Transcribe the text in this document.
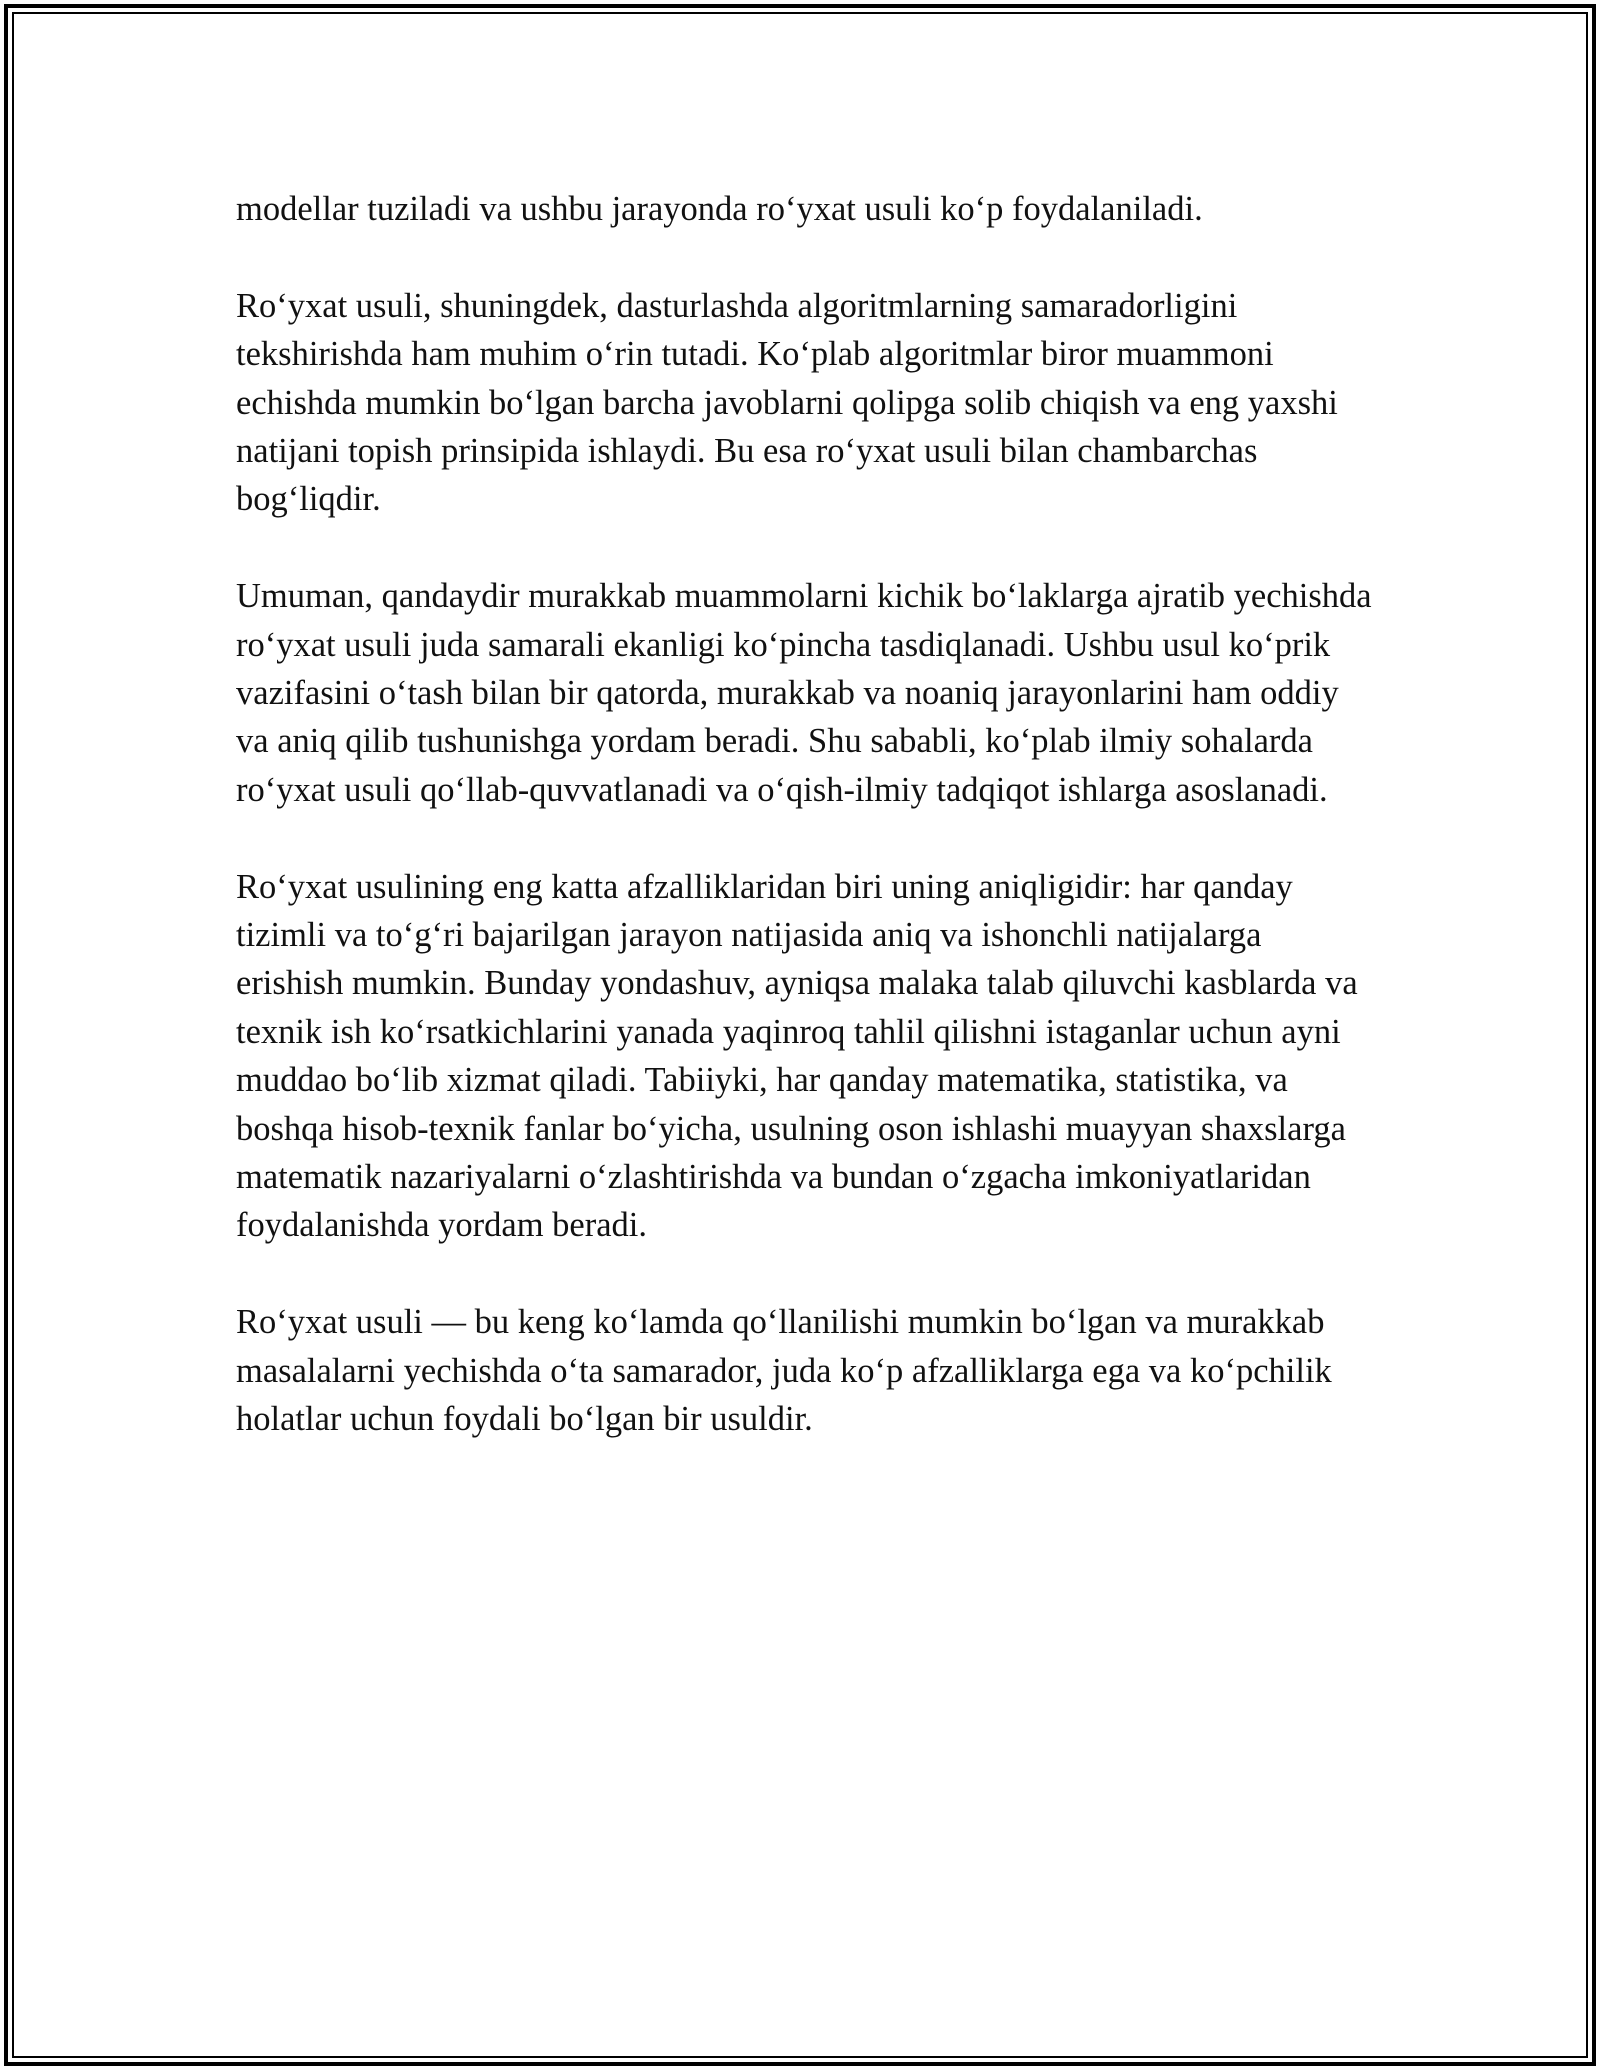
modellar tuziladi va ushbu jarayonda ro‘yxat usuli ko‘p foydalaniladi.

Ro‘yxat usuli, shuningdek, dasturlashda algoritmlarning samaradorligini tekshirishda ham muhim o‘rin tutadi. Ko‘plab algoritmlar biror muammoni echishda mumkin bo‘lgan barcha javoblarni qolipga solib chiqish va eng yaxshi natijani topish prinsipida ishlaydi. Bu esa ro‘yxat usuli bilan chambarchas bog‘liqdir.

Umuman, qandaydir murakkab muammolarni kichik bo‘laklarga ajratib yechishda ro‘yxat usuli juda samarali ekanligi ko‘pincha tasdiqlanadi. Ushbu usul ko‘prik vazifasini o‘tash bilan bir qatorda, murakkab va noaniq jarayonlarini ham oddiy va aniq qilib tushunishga yordam beradi. Shu sababli, ko‘plab ilmiy sohalarda ro‘yxat usuli qo‘llab-quvvatlanadi va o‘qish-ilmiy tadqiqot ishlarga asoslanadi.

Ro‘yxat usulining eng katta afzalliklaridan biri uning aniqligidir: har qanday tizimli va to‘g‘ri bajarilgan jarayon natijasida aniq va ishonchli natijalarga erishish mumkin. Bunday yondashuv, ayniqsa malaka talab qiluvchi kasblarda va texnik ish ko‘rsatkichlarini yanada yaqinroq tahlil qilishni istaganlar uchun ayni muddao bo‘lib xizmat qiladi. Tabiiyki, har qanday matematika, statistika, va boshqa hisob-texnik fanlar bo‘yicha, usulning oson ishlashi muayyan shaxslarga matematik nazariyalarni o‘zlashtirishda va bundan o‘zgacha imkoniyatlaridan foydalanishda yordam beradi.

Ro‘yxat usuli — bu keng ko‘lamda qo‘llanilishi mumkin bo‘lgan va murakkab masalalarni yechishda o‘ta samarador, juda ko‘p afzalliklarga ega va ko‘pchilik holatlar uchun foydali bo‘lgan bir usuldir.
